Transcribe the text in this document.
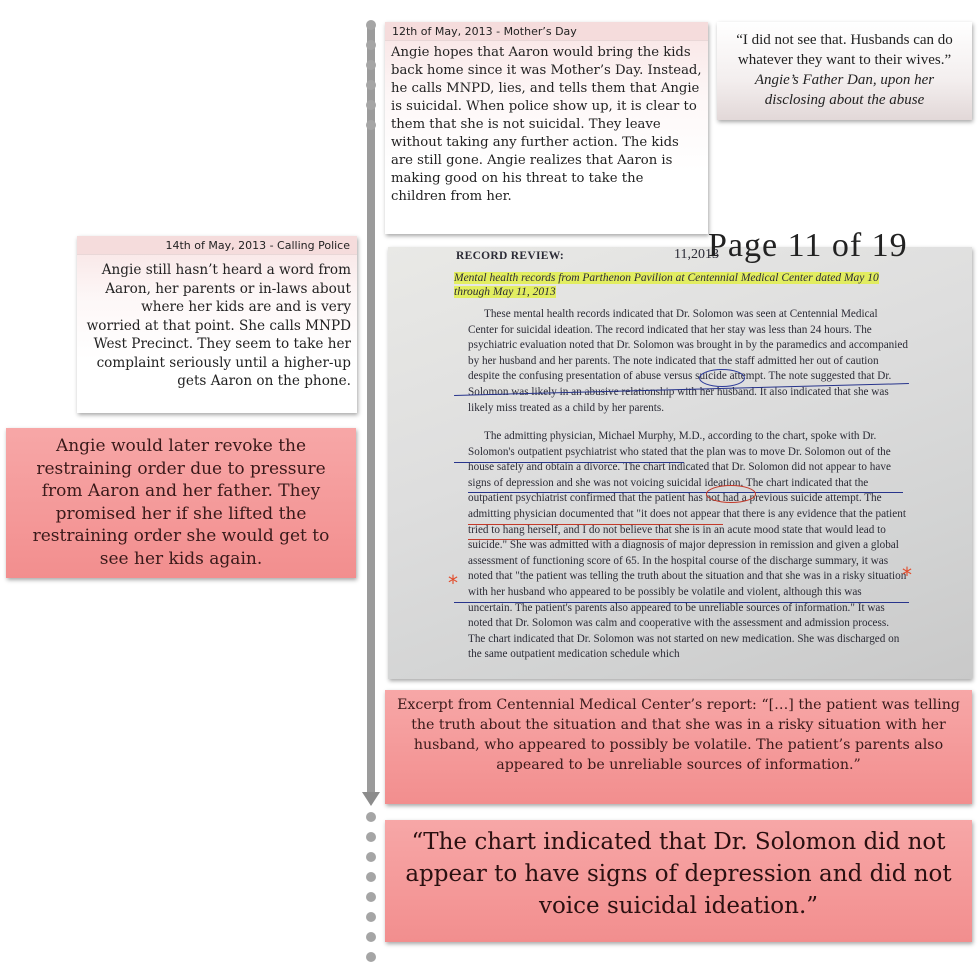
12th of May, 2013 - Mother’s Day
Angie hopes that Aaron would bring the kids back home since it was Mother’s Day. Instead, he calls MNPD, lies, and tells them that Angie is suicidal. When police show up, it is clear to them that she is not suicidal. They leave without taking any further action. The kids are still gone. Angie realizes that Aaron is making good on his threat to take the children from her.
“I did not see that. Husbands can do whatever they want to their wives.”
Angie’s Father Dan, upon her disclosing about the abuse
14th of May, 2013 - Calling Police
Angie still hasn’t heard a word from Aaron, her parents or in-laws about where her kids are and is very worried at that point. She calls MNPD West Precinct. They seem to take her complaint seriously until a higher-up gets Aaron on the phone.
Angie would later revoke the restraining order due to pressure from Aaron and her father. They promised her if she lifted the restraining order she would get to see her kids again.
Page 11 of 19
RECORD REVIEW:	11,2013
Mental health records from Parthenon Pavilion at Centennial Medical Center dated May 10 through May 11, 2013
These mental health records indicated that Dr. Solomon was seen at Centennial Medical Center for suicidal ideation. The record indicated that her stay was less than 24 hours. The psychiatric evaluation noted that Dr. Solomon was brought in by the paramedics and accompanied by her husband and her parents. The note indicated that the staff admitted her out of caution despite the confusing presentation of abuse versus suicide attempt. The note suggested that Dr. Solomon was likely in an abusive relationship with her husband. It also indicated that she was likely miss treated as a child by her parents.
The admitting physician, Michael Murphy, M.D., according to the chart, spoke with Dr. Solomon's outpatient psychiatrist who stated that the plan was to move Dr. Solomon out of the house safely and obtain a divorce. The chart indicated that Dr. Solomon did not appear to have signs of depression and she was not voicing suicidal ideation. The chart indicated that the outpatient psychiatrist confirmed that the patient has not had a previous suicide attempt. The admitting physician documented that "it does not appear that there is any evidence that the patient tried to hang herself, and I do not believe that she is in an acute mood state that would lead to suicide." She was admitted with a diagnosis of major depression in remission and given a global assessment of functioning score of 65. In the hospital course of the discharge summary, it was noted that "the patient was telling the truth about the situation and that she was in a risky situation with her husband who appeared to be possibly be volatile and violent, although this was uncertain. The patient's parents also appeared to be unreliable sources of information." It was noted that Dr. Solomon was calm and cooperative with the assessment and admission process. The chart indicated that Dr. Solomon was not started on new medication. She was discharged on the same outpatient medication schedule which
*	*
Excerpt from Centennial Medical Center’s report: “[…] the patient was telling the truth about the situation and that she was in a risky situation with her husband, who appeared to possibly be volatile. The patient’s parents also appeared to be unreliable sources of information.”
“The chart indicated that Dr. Solomon did not appear to have signs of depression and did not voice suicidal ideation.”
